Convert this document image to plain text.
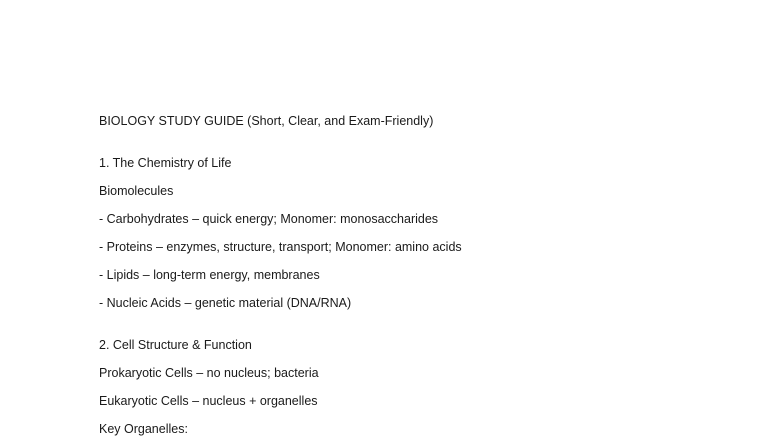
BIOLOGY STUDY GUIDE (Short, Clear, and Exam-Friendly)
1. The Chemistry of Life
Biomolecules
- Carbohydrates – quick energy; Monomer: monosaccharides
- Proteins – enzymes, structure, transport; Monomer: amino acids
- Lipids – long-term energy, membranes
- Nucleic Acids – genetic material (DNA/RNA)
2. Cell Structure & Function
Prokaryotic Cells – no nucleus; bacteria
Eukaryotic Cells – nucleus + organelles
Key Organelles:
